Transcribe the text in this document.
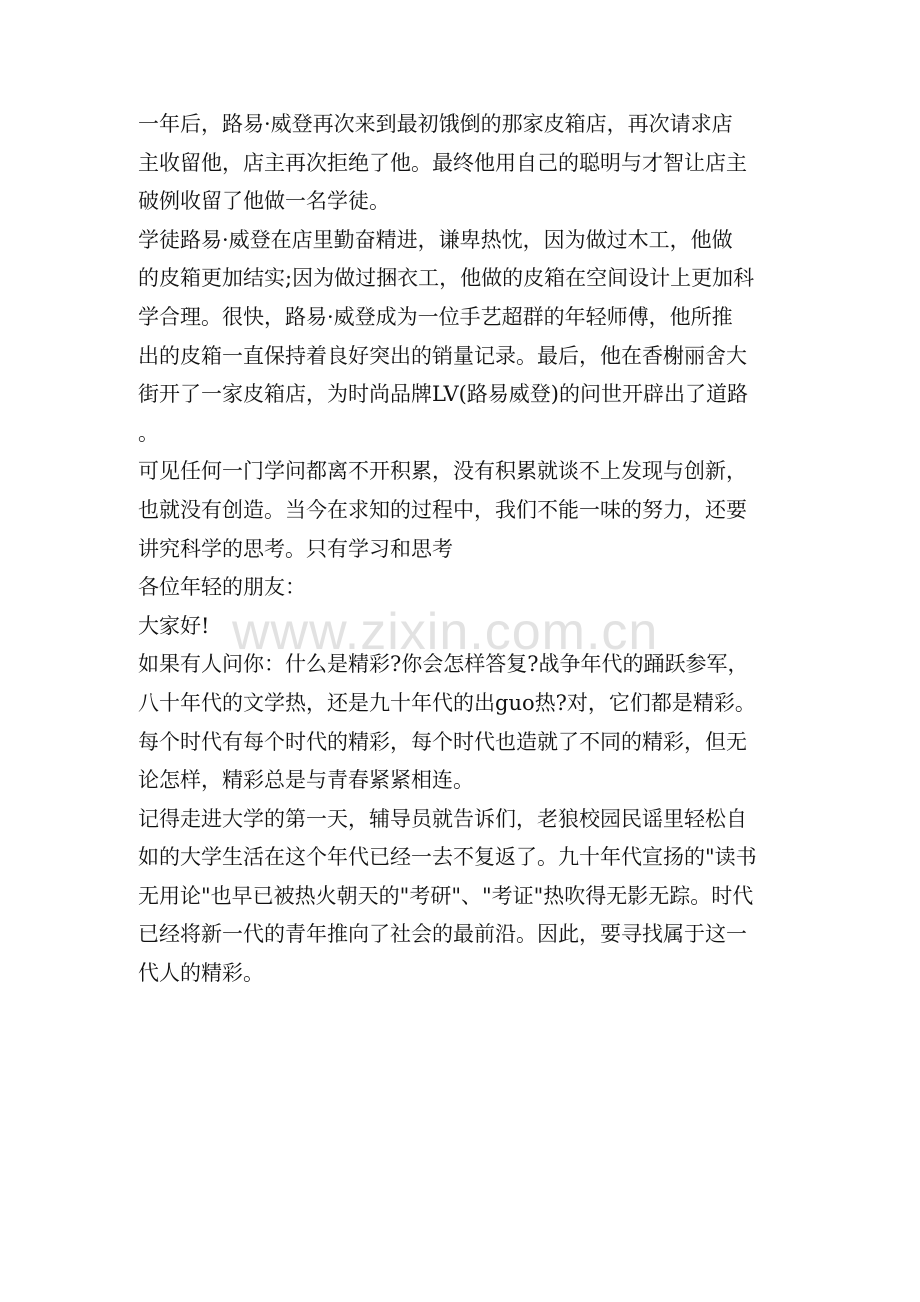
一年后，路易·威登再次来到最初饿倒的那家皮箱店，再次请求店
主收留他，店主再次拒绝了他。最终他用自己的聪明与才智让店主
破例收留了他做一名学徒。
学徒路易·威登在店里勤奋精进，谦卑热忱，因为做过木工，他做
的皮箱更加结实;因为做过捆衣工，他做的皮箱在空间设计上更加科
学合理。很快，路易·威登成为一位手艺超群的年轻师傅，他所推
出的皮箱一直保持着良好突出的销量记录。最后，他在香榭丽舍大
街开了一家皮箱店，为时尚品牌LV(路易威登)的问世开辟出了道路
。
可见任何一门学问都离不开积累，没有积累就谈不上发现与创新，
也就没有创造。当今在求知的过程中，我们不能一味的努力，还要
讲究科学的思考。只有学习和思考
各位年轻的朋友：
大家好!
如果有人问你：什么是精彩?你会怎样答复?战争年代的踊跃参军，
八十年代的文学热，还是九十年代的出guo热?对，它们都是精彩。
每个时代有每个时代的精彩，每个时代也造就了不同的精彩，但无
论怎样，精彩总是与青春紧紧相连。
记得走进大学的第一天，辅导员就告诉们，老狼校园民谣里轻松自
如的大学生活在这个年代已经一去不复返了。九十年代宣扬的"读书
无用论"也早已被热火朝天的"考研"、"考证"热吹得无影无踪。时代
已经将新一代的青年推向了社会的最前沿。因此，要寻找属于这一
代人的精彩。
www.zixin.com.cn
